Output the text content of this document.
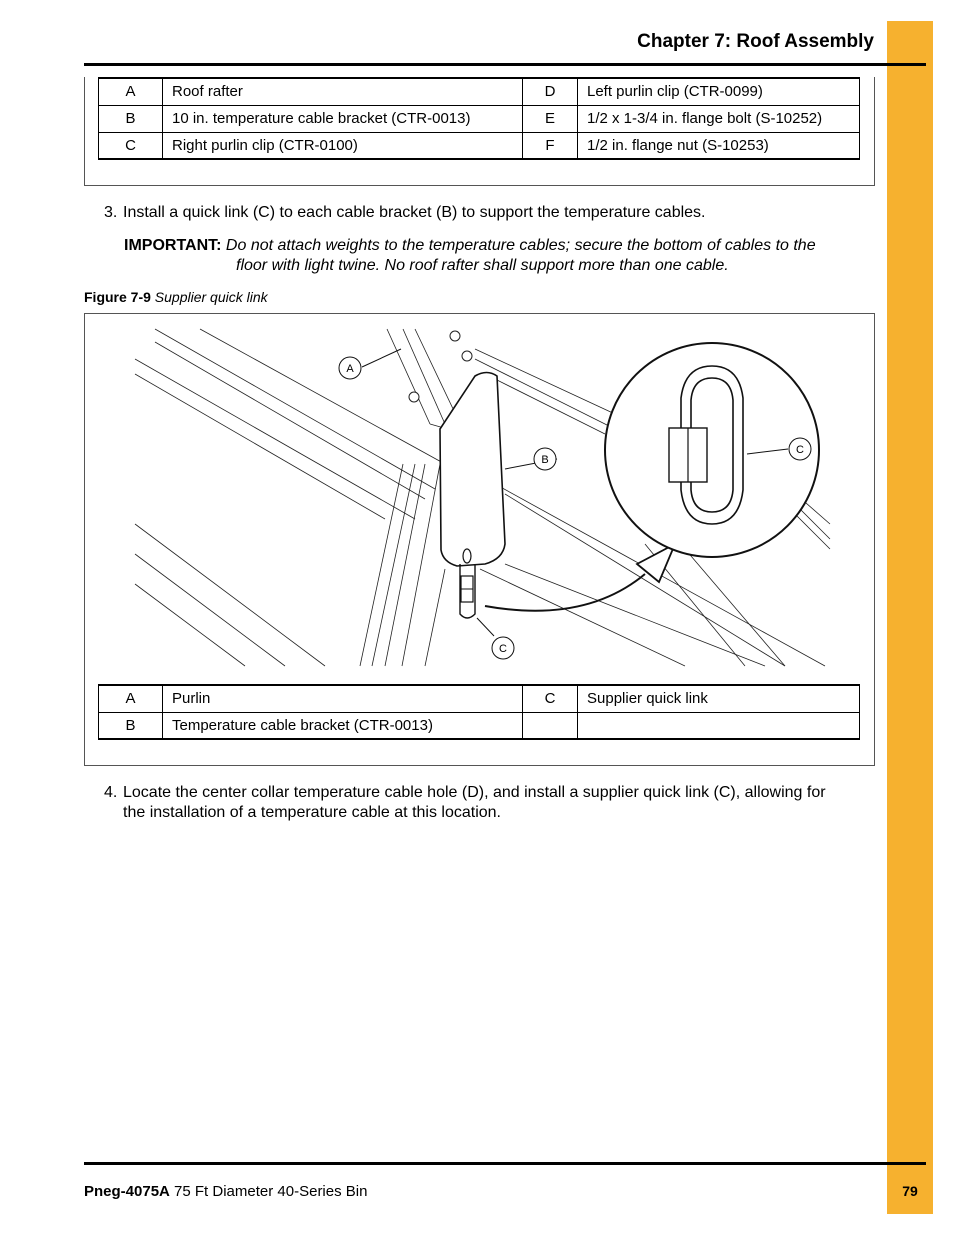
Chapter 7: Roof Assembly
A	Roof rafter	D	Left purlin clip (CTR-0099)
B	10 in. temperature cable bracket (CTR-0013)	E	1/2 x 1-3/4 in. flange bolt (S-10252)
C	Right purlin clip (CTR-0100)	F	1/2 in. flange nut (S-10253)
3. Install a quick link (C) to each cable bracket (B) to support the temperature cables.
IMPORTANT: Do not attach weights to the temperature cables; secure the bottom of cables to the
floor with light twine. No roof rafter shall support more than one cable.
Figure 7-9 Supplier quick link
A
B
C
C
A	Purlin	C	Supplier quick link
B	Temperature cable bracket (CTR-0013)		
4. Locate the center collar temperature cable hole (D), and install a supplier quick link (C), allowing for
the installation of a temperature cable at this location.
Pneg-4075A 75 Ft Diameter 40-Series Bin	79
